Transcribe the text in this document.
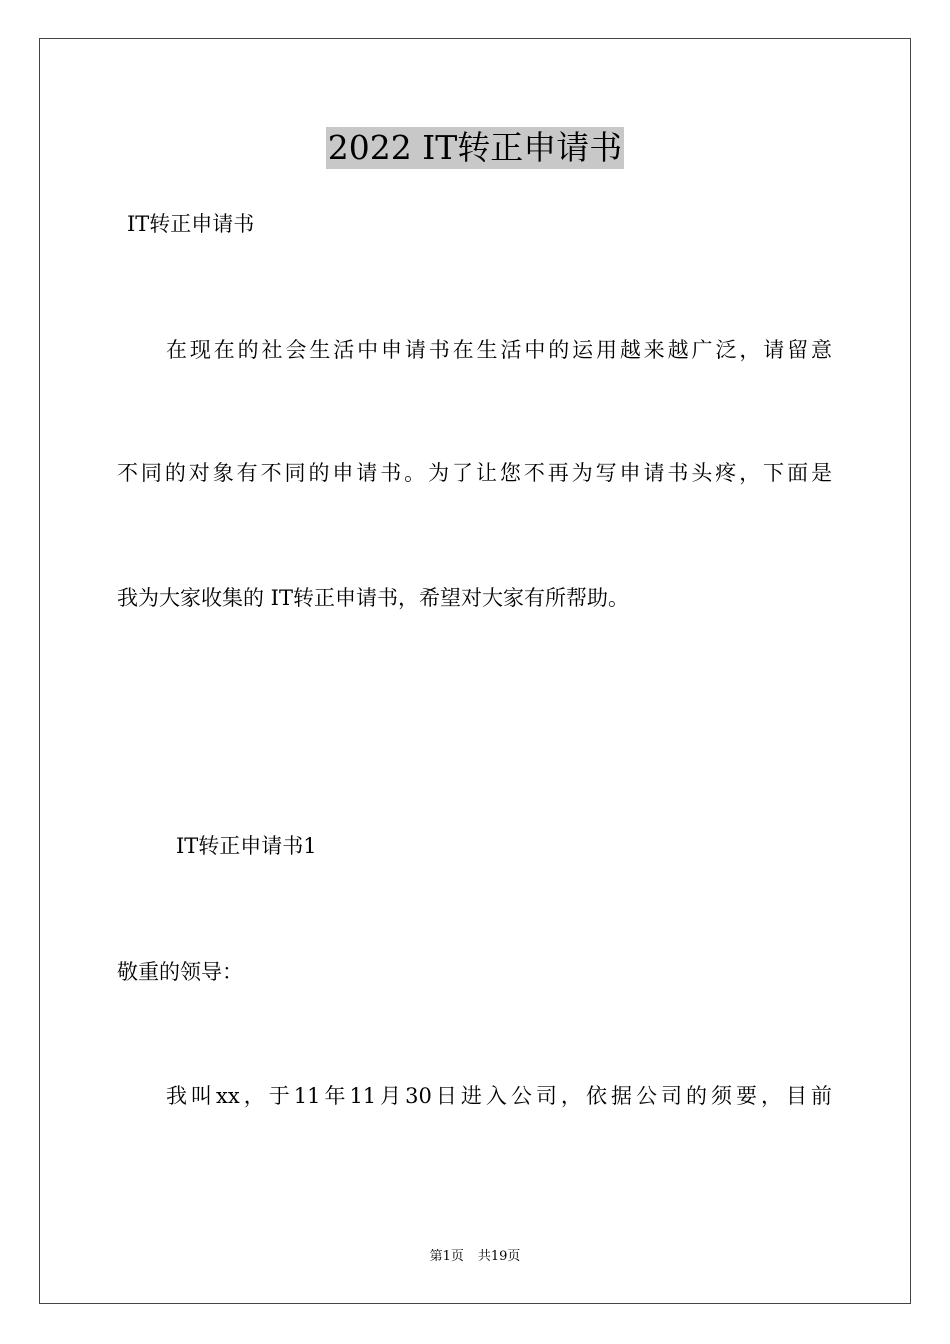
2022 IT转正申请书
IT转正申请书
在现在的社会生活中申请书在生活中的运用越来越广泛，请留意
不同的对象有不同的申请书。为了让您不再为写申请书头疼，下面是
我为大家收集的 IT转正申请书，希望对大家有所帮助。
IT转正申请书1
敬重的领导：
我叫xx，于11年11月30日进入公司，依据公司的须要，目前
第1页 共19页
